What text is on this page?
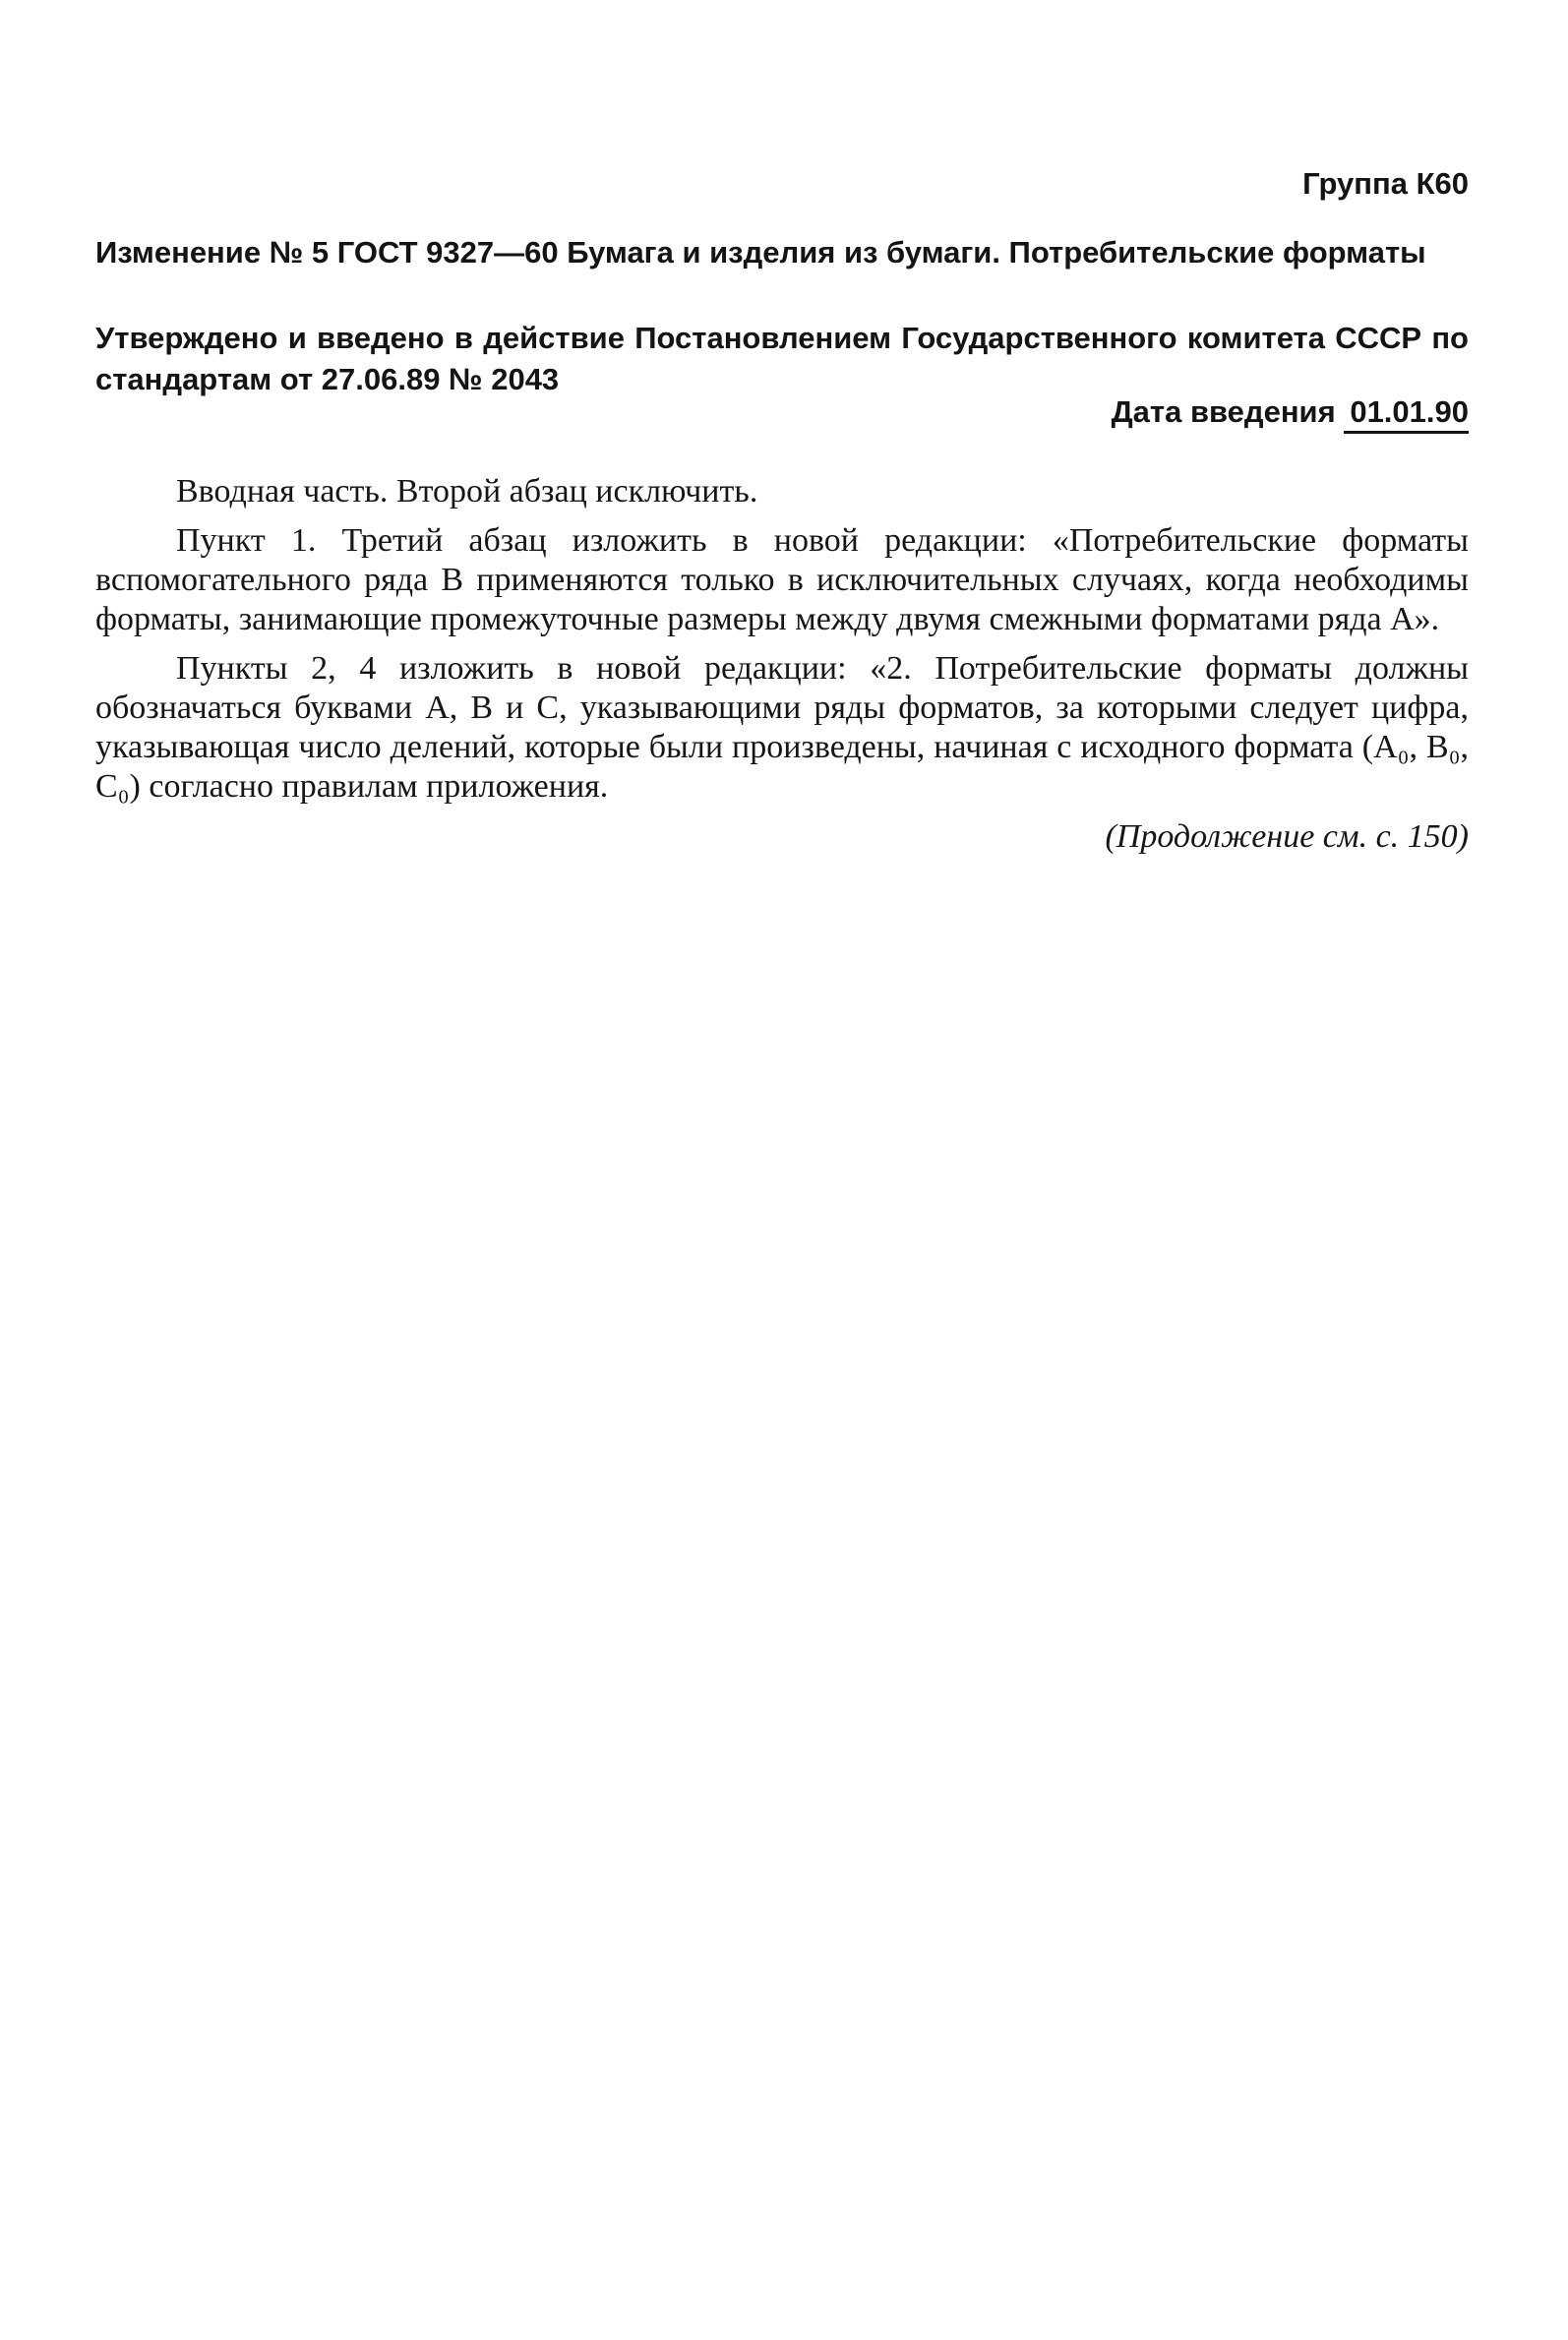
Группа К60
Изменение № 5 ГОСТ 9327—60 Бумага и изделия из бумаги. Потребительские форматы
Утверждено и введено в действие Постановлением Государственного комитета СССР по стандартам от 27.06.89 № 2043
Дата введения 01.01.90

Вводная часть. Второй абзац исключить.

Пункт 1. Третий абзац изложить в новой редакции: «Потребительские форматы вспомогательного ряда В применяются только в исключительных случаях, когда необходимы форматы, занимающие промежуточные размеры между двумя смежными форматами ряда А».

Пункты 2, 4 изложить в новой редакции: «2. Потребительские форматы должны обозначаться буквами А, В и С, указывающими ряды форматов, за которыми следует цифра, указывающая число делений, которые были произведены, начиная с исходного формата (A₀, B₀, C₀) согласно правилам приложения.

(Продолжение см. с. 150)
